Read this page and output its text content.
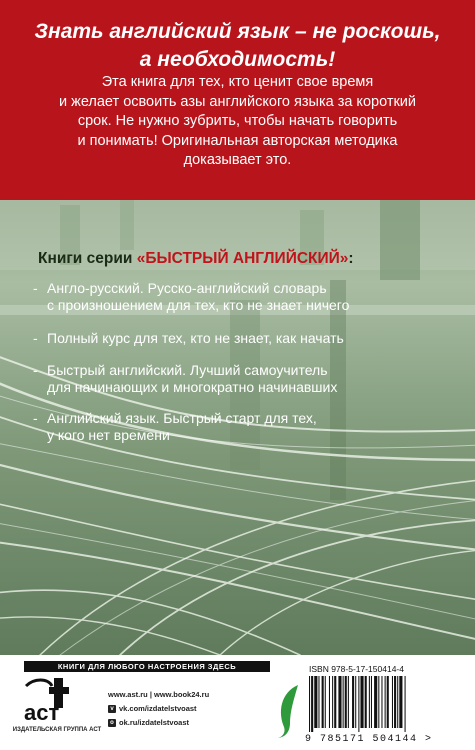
Знать английский язык – не роскошь,
а необходимость!
Эта книга для тех, кто ценит свое время
и желает освоить азы английского языка за короткий
срок. Не нужно зубрить, чтобы начать говорить
и понимать! Оригинальная авторская методика
доказывает это.
Книги серии «БЫСТРЫЙ АНГЛИЙСКИЙ»:
- Англо-русский. Русско-английский словарь
с произношением для тех, кто не знает ничего
- Полный курс для тех, кто не знает, как начать
- Быстрый английский. Лучший самоучитель
для начинающих и многократно начинавших
- Английский язык. Быстрый старт для тех,
у кого нет времени
КНИГИ ДЛЯ ЛЮБОГО НАСТРОЕНИЯ ЗДЕСЬ
аст
ИЗДАТЕЛЬСКАЯ ГРУППА АСТ
www.ast.ru | www.book24.ru
v vk.com/izdatelstvoast
o ok.ru/izdatelstvoast
ISBN 978-5-17-150414-4
9 785171 504144 >
